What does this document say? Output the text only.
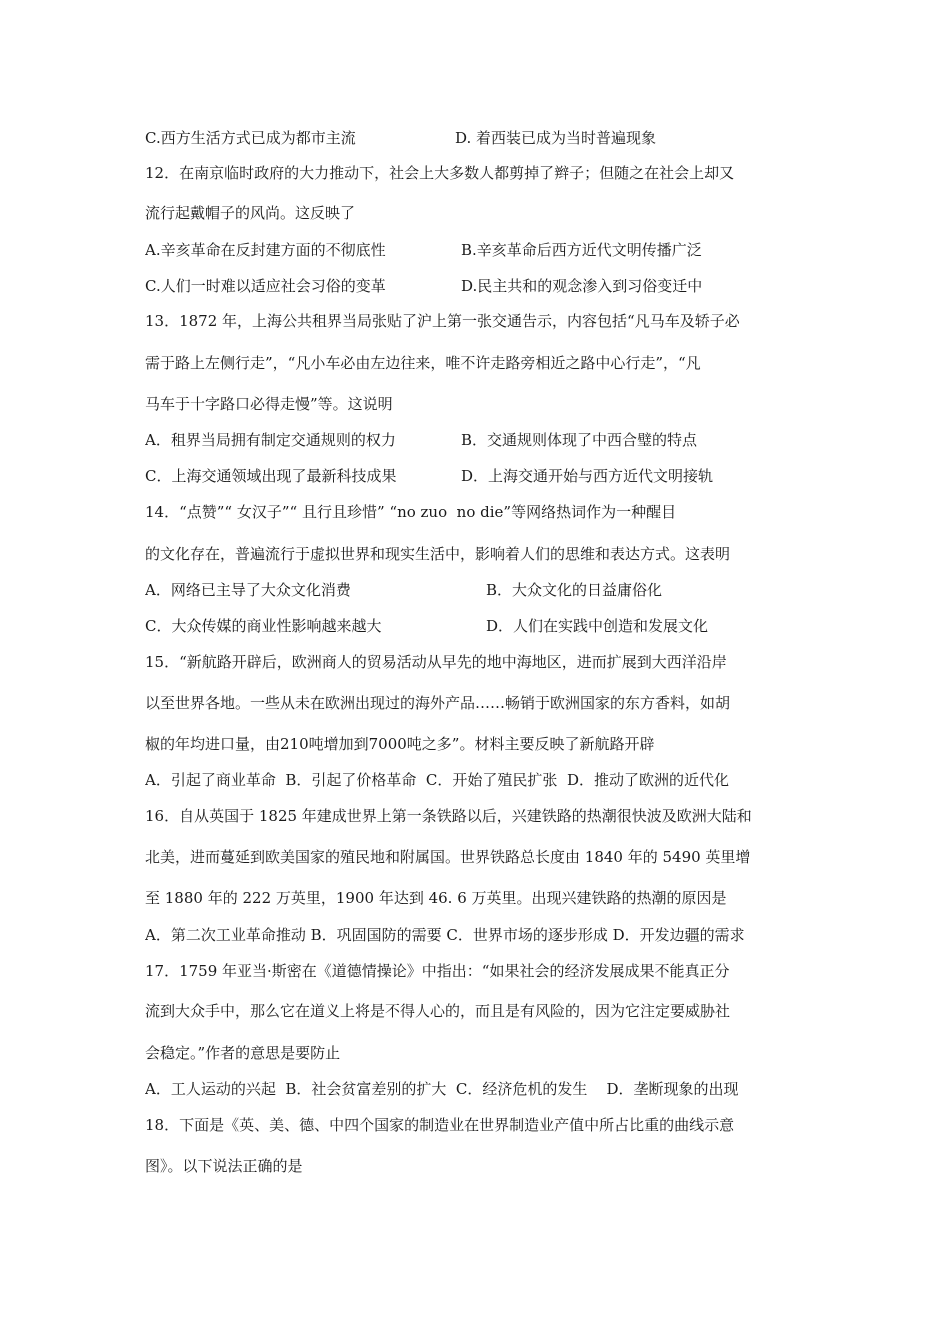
C.西方生活方式已成为都市主流

	D. 着西装已成为当时普遍现象

12．在南京临时政府的大力推动下，社会上大多数人都剪掉了辫子；但随之在社会上却又
流行起戴帽子的风尚。这反映了

A.辛亥革命在反封建方面的不彻底性

	B.辛亥革命后西方近代文明传播广泛

C.人们一时难以适应社会习俗的变革

	D.民主共和的观念渗入到习俗变迁中

13．1872 年，上海公共租界当局张贴了沪上第一张交通告示，内容包括“凡马车及轿子必
需于路上左侧行走”，“凡小车必由左边往来，唯不许走路旁相近之路中心行走”，“凡
马车于十字路口必得走慢”等。这说明

A．租界当局拥有制定交通规则的权力

	B．交通规则体现了中西合璧的特点

C．上海交通领域出现了最新科技成果

	D．上海交通开始与西方近代文明接轨

14．“点赞”“ 女汉子”“ 且行且珍惜” “no zuo  no die”等网络热词作为一种醒目
的文化存在，普遍流行于虚拟世界和现实生活中，影响着人们的思维和表达方式。这表明

A．网络已主导了大众文化消费

	B．大众文化的日益庸俗化

C．大众传媒的商业性影响越来越大

	D．人们在实践中创造和发展文化

15．“新航路开辟后，欧洲商人的贸易活动从早先的地中海地区，进而扩展到大西洋沿岸
以至世界各地。一些从未在欧洲出现过的海外产品……畅销于欧洲国家的东方香料，如胡
椒的年均进口量，由210吨增加到7000吨之多”。材料主要反映了新航路开辟
A．引起了商业革命  B．引起了价格革命  C．开始了殖民扩张  D．推动了欧洲的近代化
16．自从英国于 1825 年建成世界上第一条铁路以后，兴建铁路的热潮很快波及欧洲大陆和
北美，进而蔓延到欧美国家的殖民地和附属国。世界铁路总长度由 1840 年的 5490 英里增
至 1880 年的 222 万英里，1900 年达到 46. 6 万英里。出现兴建铁路的热潮的原因是
A．第二次工业革命推动 B．巩固国防的需要 C．世界市场的逐步形成 D．开发边疆的需求
17．1759 年亚当·斯密在《道德情操论》中指出：“如果社会的经济发展成果不能真正分
流到大众手中，那么它在道义上将是不得人心的，而且是有风险的，因为它注定要威胁社
会稳定。”作者的意思是要防止
A．工人运动的兴起  B．社会贫富差别的扩大  C．经济危机的发生    D．垄断现象的出现
18．下面是《英、美、德、中四个国家的制造业在世界制造业产值中所占比重的曲线示意
图》。以下说法正确的是
